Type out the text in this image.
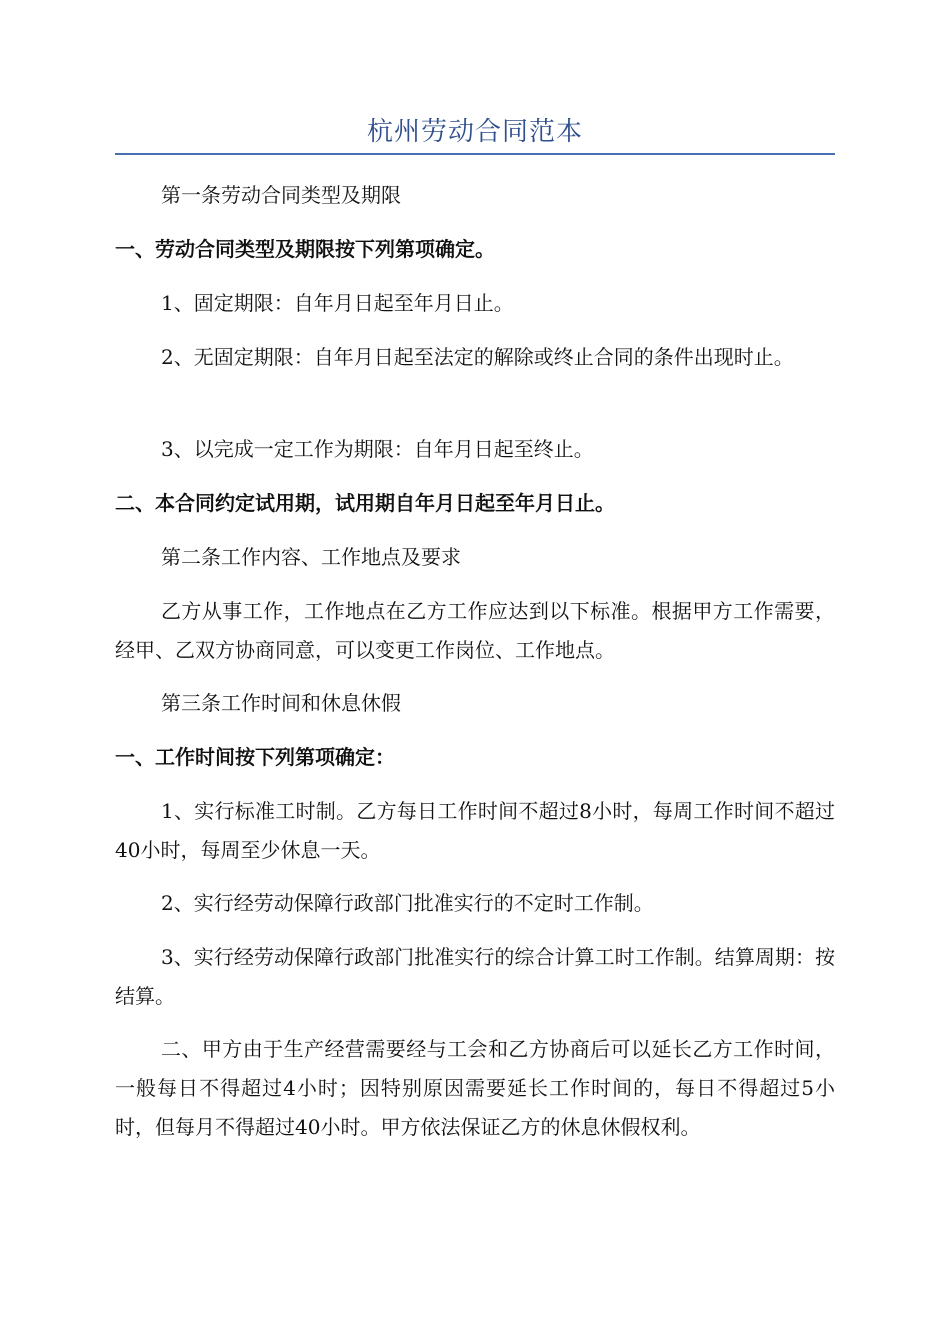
杭州劳动合同范本

第一条劳动合同类型及期限

一、劳动合同类型及期限按下列第项确定。

1、固定期限：自年月日起至年月日止。

2、无固定期限：自年月日起至法定的解除或终止合同的条件出现时止。

3、以完成一定工作为期限：自年月日起至终止。

二、本合同约定试用期，试用期自年月日起至年月日止。

第二条工作内容、工作地点及要求

乙方从事工作，工作地点在乙方工作应达到以下标准。根据甲方工作需要，经甲、乙双方协商同意，可以变更工作岗位、工作地点。

第三条工作时间和休息休假

一、工作时间按下列第项确定：

1、实行标准工时制。乙方每日工作时间不超过8小时，每周工作时间不超过40小时，每周至少休息一天。

2、实行经劳动保障行政部门批准实行的不定时工作制。

3、实行经劳动保障行政部门批准实行的综合计算工时工作制。结算周期：按结算。

二、甲方由于生产经营需要经与工会和乙方协商后可以延长乙方工作时间，一般每日不得超过4小时；因特别原因需要延长工作时间的，每日不得超过5小时，但每月不得超过40小时。甲方依法保证乙方的休息休假权利。
